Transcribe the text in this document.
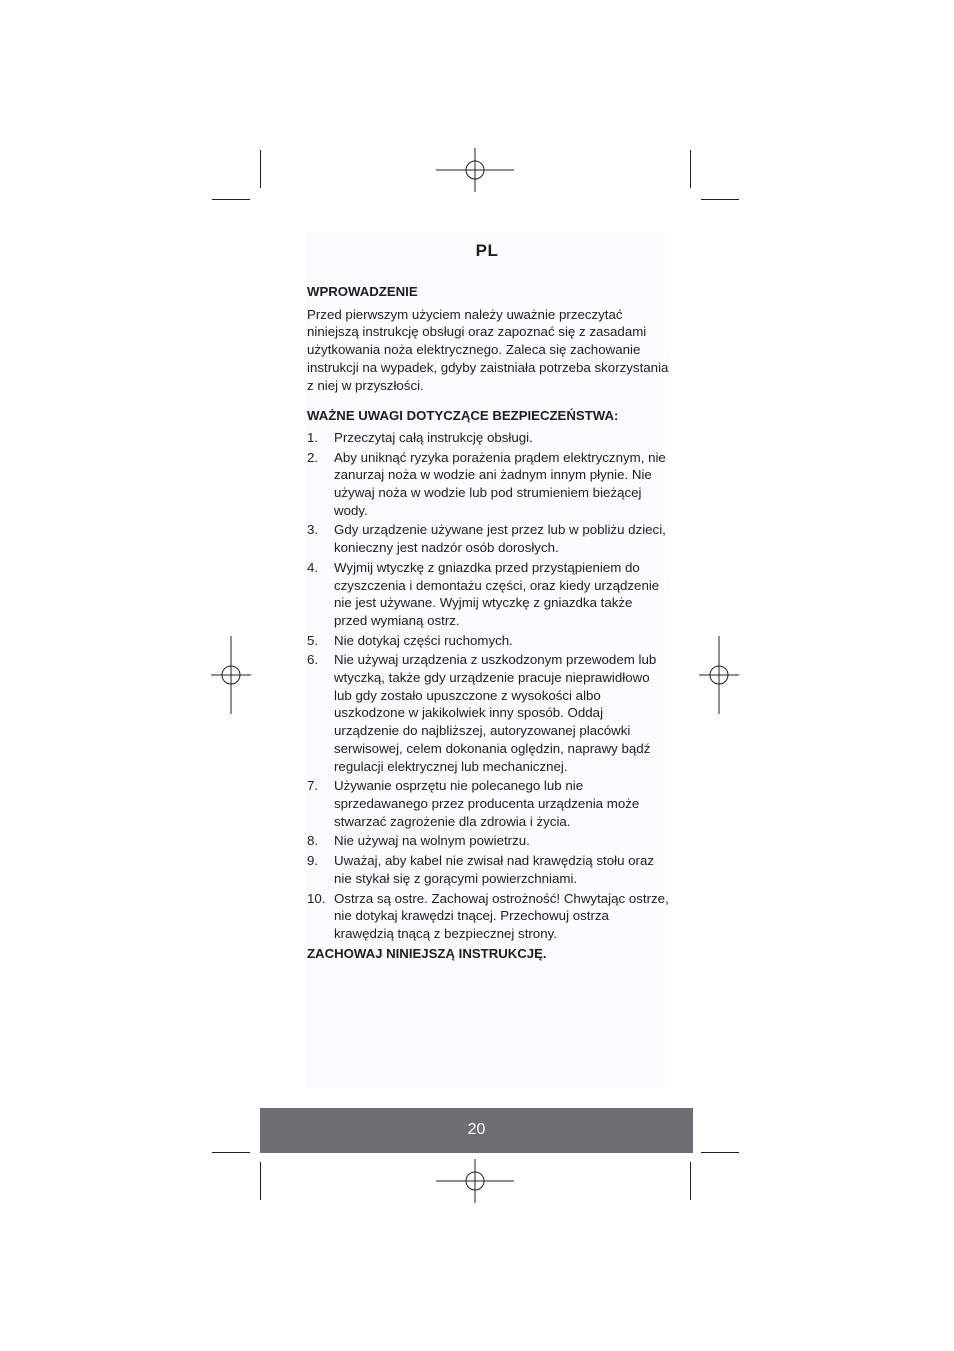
PL
WPROWADZENIE

Przed pierwszym użyciem należy uważnie przeczytać niniejszą instrukcję obsługi oraz zapoznać się z zasadami użytkowania noża elektrycznego. Zaleca się zachowanie instrukcji na wypadek, gdyby zaistniała potrzeba skorzystania z niej w przyszłości.

WAŻNE UWAGI DOTYCZĄCE BEZPIECZEŃSTWA:
1. Przeczytaj całą instrukcję obsługi.
2. Aby uniknąć ryzyka porażenia prądem elektrycznym, nie zanurzaj noża w wodzie ani żadnym innym płynie. Nie używaj noża w wodzie lub pod strumieniem bieżącej wody.
3. Gdy urządzenie używane jest przez lub w pobliżu dzieci, konieczny jest nadzór osób dorosłych.
4. Wyjmij wtyczkę z gniazdka przed przystąpieniem do czyszczenia i demontażu części, oraz kiedy urządzenie nie jest używane. Wyjmij wtyczkę z gniazdka także przed wymianą ostrz.
5. Nie dotykaj części ruchomych.
6. Nie używaj urządzenia z uszkodzonym przewodem lub wtyczką, także gdy urządzenie pracuje nieprawidłowo lub gdy zostało upuszczone z wysokości albo uszkodzone w jakikolwiek inny sposób. Oddaj urządzenie do najbliższej, autoryzowanej placówki serwisowej, celem dokonania oględzin, naprawy bądź regulacji elektrycznej lub mechanicznej.
7. Używanie osprzętu nie polecanego lub nie sprzedawanego przez producenta urządzenia może stwarzać zagrożenie dla zdrowia i życia.
8. Nie używaj na wolnym powietrzu.
9. Uważaj, aby kabel nie zwisał nad krawędzią stołu oraz nie stykał się z gorącymi powierzchniami.
10. Ostrza są ostre. Zachowaj ostrożność! Chwytając ostrze, nie dotykaj krawędzi tnącej. Przechowuj ostrza krawędzią tnącą z bezpiecznej strony.
ZACHOWAJ NINIEJSZĄ INSTRUKCJĘ.
20
